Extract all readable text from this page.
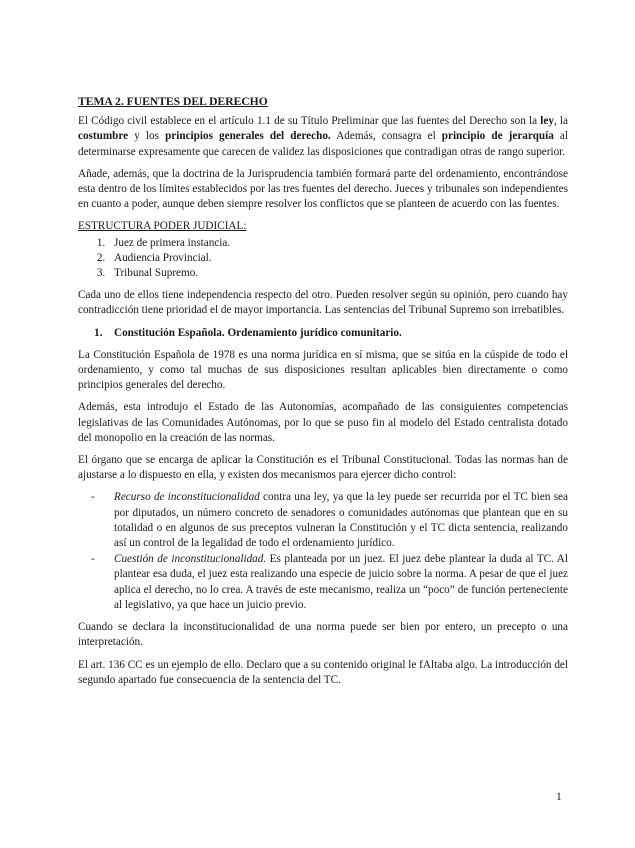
TEMA 2. FUENTES DEL DERECHO

El Código civil establece en el artículo 1.1 de su Título Preliminar que las fuentes del Derecho son la ley, la costumbre y los principios generales del derecho. Además, consagra el principio de jerarquía al determinarse expresamente que carecen de validez las disposiciones que contradigan otras de rango superior.

Añade, además, que la doctrina de la Jurisprudencia también formará parte del ordenamiento, encontrándose esta dentro de los límites establecidos por las tres fuentes del derecho. Jueces y tribunales son independientes en cuanto a poder, aunque deben siempre resolver los conflictos que se planteen de acuerdo con las fuentes.

ESTRUCTURA PODER JUDICIAL:
1. Juez de primera instancia.
2. Audiencia Provincial.
3. Tribunal Supremo.

Cada uno de ellos tiene independencia respecto del otro. Pueden resolver según su opinión, pero cuando hay contradicción tiene prioridad el de mayor importancia. Las sentencias del Tribunal Supremo son irrebatibles.

1. Constitución Española. Ordenamiento jurídico comunitario.

La Constitución Española de 1978 es una norma jurídica en sí misma, que se sitúa en la cúspide de todo el ordenamiento, y como tal muchas de sus disposiciones resultan aplicables bien directamente o como principios generales del derecho.

Además, esta introdujo el Estado de las Autonomías, acompañado de las consiguientes competencias legislativas de las Comunidades Autónomas, por lo que se puso fin al modelo del Estado centralista dotado del monopolio en la creación de las normas.

El órgano que se encarga de aplicar la Constitución es el Tribunal Constitucional. Todas las normas han de ajustarse a lo dispuesto en ella, y existen dos mecanismos para ejercer dicho control:

- Recurso de inconstitucionalidad contra una ley, ya que la ley puede ser recurrida por el TC bien sea por diputados, un número concreto de senadores o comunidades autónomas que plantean que en su totalidad o en algunos de sus preceptos vulneran la Constitución y el TC dicta sentencia, realizando así un control de la legalidad de todo el ordenamiento jurídico.
- Cuestión de inconstitucionalidad. Es planteada por un juez. El juez debe plantear la duda al TC. Al plantear esa duda, el juez esta realizando una especie de juicio sobre la norma. A pesar de que el juez aplica el derecho, no lo crea. A través de este mecanismo, realiza un “poco” de función perteneciente al legislativo, ya que hace un juicio previo.

Cuando se declara la inconstitucionalidad de una norma puede ser bien por entero, un precepto o una interpretación.

El art. 136 CC es un ejemplo de ello. Declaro que a su contenido original le fAltaba algo. La introducción del segundo apartado fue consecuencia de la sentencia del TC.

1
